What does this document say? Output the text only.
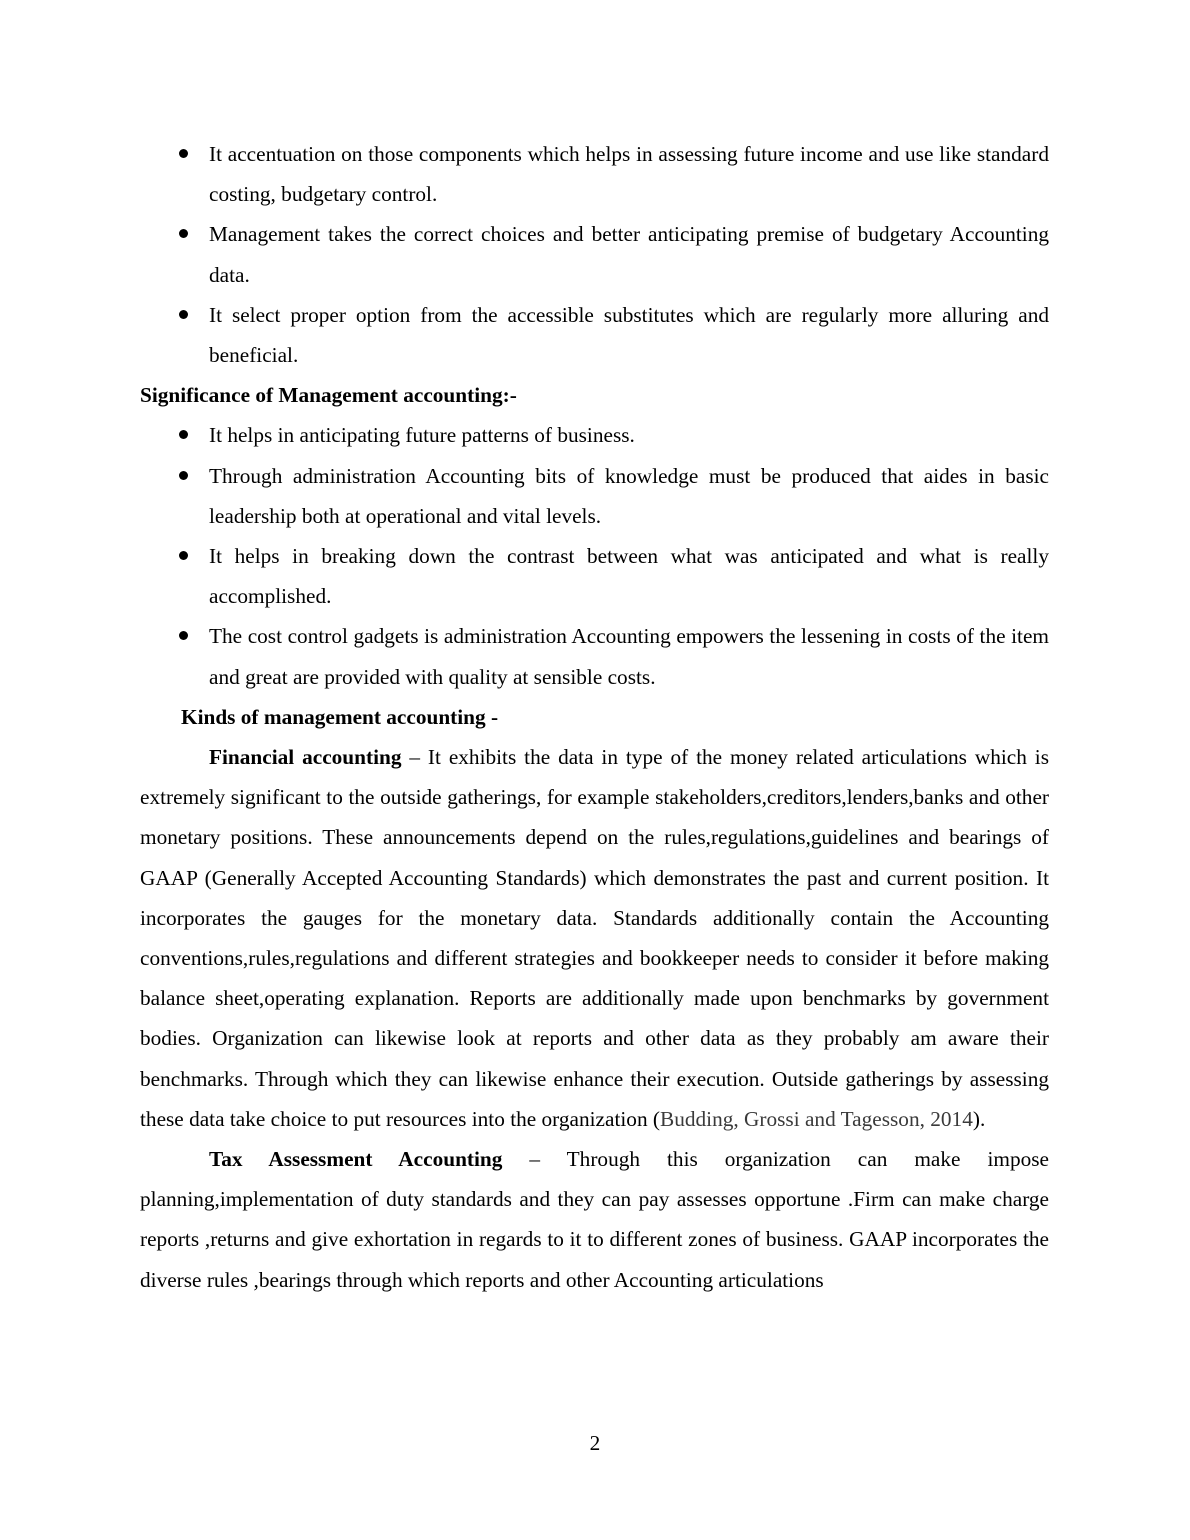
It accentuation on those components which helps in assessing future income and use like standard costing, budgetary control.
Management takes the correct choices and better anticipating premise of budgetary Accounting data.
It select proper option from the accessible substitutes which are regularly more alluring and beneficial.

Significance of Management accounting:-

It helps in anticipating future patterns of business.
Through administration Accounting bits of knowledge must be produced that aides in basic leadership both at operational and vital levels.
It helps in breaking down the contrast between what was anticipated and what is really accomplished.
The cost control gadgets is administration Accounting empowers the lessening in costs of the item and great are provided with quality at sensible costs.

Kinds of management accounting -

Financial accounting – It exhibits the data in type of the money related articulations which is extremely significant to the outside gatherings, for example stakeholders,creditors,lenders,banks and other monetary positions. These announcements depend on the rules,regulations,guidelines and bearings of GAAP (Generally Accepted Accounting Standards) which demonstrates the past and current position. It incorporates the gauges for the monetary data. Standards additionally contain the Accounting conventions,rules,regulations and different strategies and bookkeeper needs to consider it before making balance sheet,operating explanation. Reports are additionally made upon benchmarks by government bodies. Organization can likewise look at reports and other data as they probably am aware their benchmarks. Through which they can likewise enhance their execution. Outside gatherings by assessing these data take choice to put resources into the organization (Budding, Grossi and Tagesson, 2014).

Tax Assessment Accounting – Through this organization can make impose planning,implementation of duty standards and they can pay assesses opportune .Firm can make charge reports ,returns and give exhortation in regards to it to different zones of business. GAAP incorporates the diverse rules ,bearings through which reports and other Accounting articulations

2
